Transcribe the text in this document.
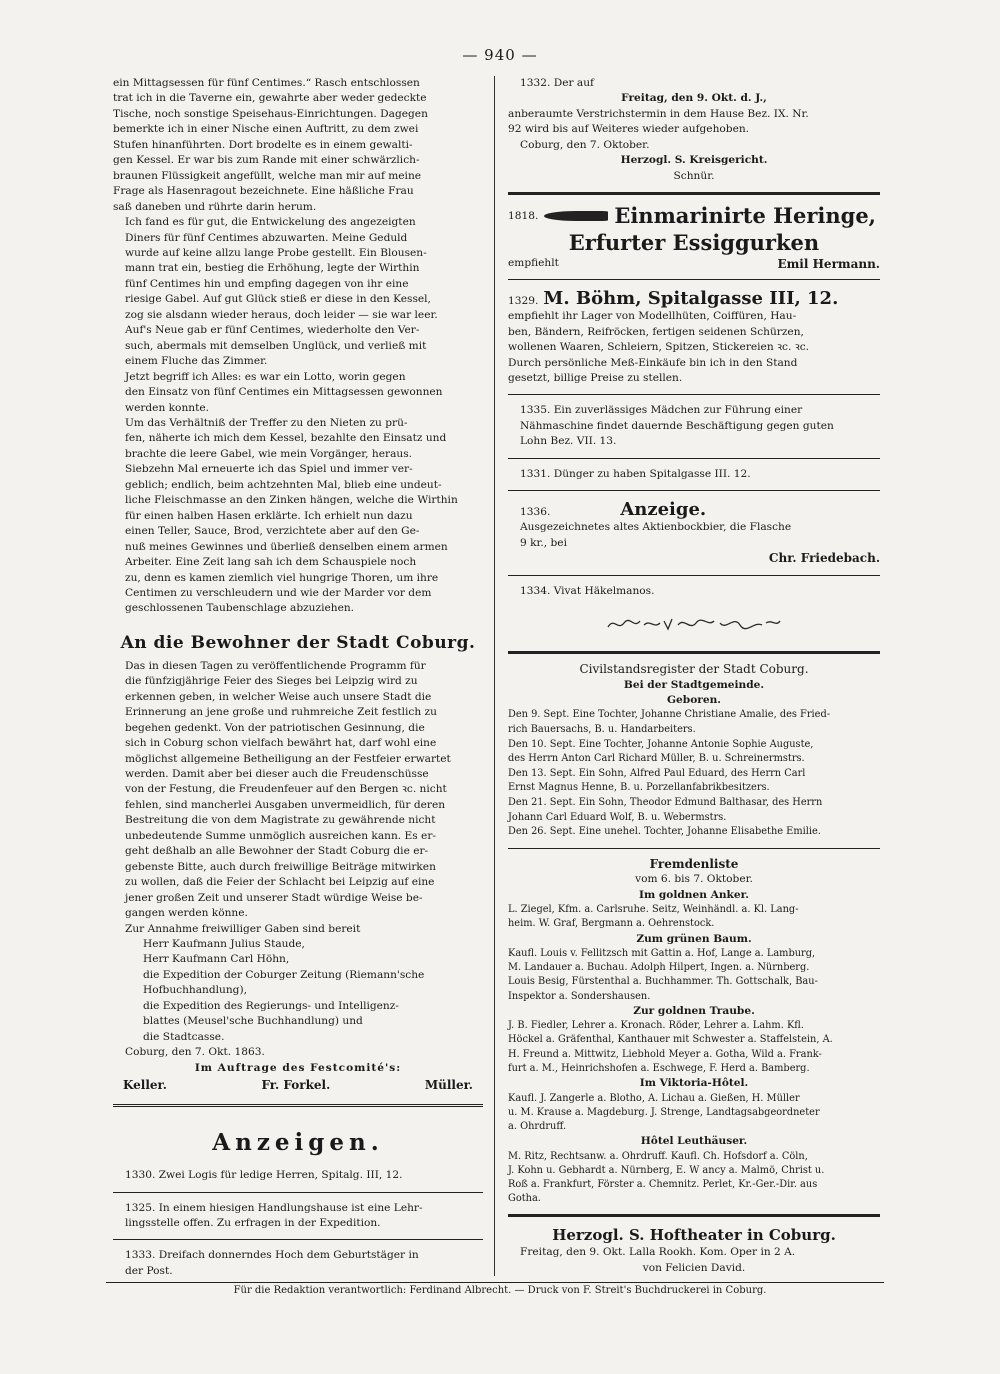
— 940 —

ein Mittagsessen für fünf Centimes.“ Rasch entschlossen
trat ich in die Taverne ein, gewahrte aber weder gedeckte
Tische, noch sonstige Speisehaus-Einrichtungen. Dagegen
bemerkte ich in einer Nische einen Auftritt, zu dem zwei
Stufen hinanführten. Dort brodelte es in einem gewalti-
gen Kessel. Er war bis zum Rande mit einer schwärzlich-
braunen Flüssigkeit angefüllt, welche man mir auf meine
Frage als Hasenragout bezeichnete. Eine häßliche Frau
saß daneben und rührte darin herum.

Ich fand es für gut, die Entwickelung des angezeigten
Diners für fünf Centimes abzuwarten. Meine Geduld
wurde auf keine allzu lange Probe gestellt. Ein Blousen-
mann trat ein, bestieg die Erhöhung, legte der Wirthin
fünf Centimes hin und empfing dagegen von ihr eine
riesige Gabel. Auf gut Glück stieß er diese in den Kessel,
zog sie alsdann wieder heraus, doch leider — sie war leer.
Auf's Neue gab er fünf Centimes, wiederholte den Ver-
such, abermals mit demselben Unglück, und verließ mit
einem Fluche das Zimmer.

Jetzt begriff ich Alles: es war ein Lotto, worin gegen
den Einsatz von fünf Centimes ein Mittagsessen gewonnen
werden konnte.

Um das Verhältniß der Treffer zu den Nieten zu prü-
fen, näherte ich mich dem Kessel, bezahlte den Einsatz und
brachte die leere Gabel, wie mein Vorgänger, heraus.
Siebzehn Mal erneuerte ich das Spiel und immer ver-
geblich; endlich, beim achtzehnten Mal, blieb eine undeut-
liche Fleischmasse an den Zinken hängen, welche die Wirthin
für einen halben Hasen erklärte. Ich erhielt nun dazu
einen Teller, Sauce, Brod, verzichtete aber auf den Ge-
nuß meines Gewinnes und überließ denselben einem armen
Arbeiter. Eine Zeit lang sah ich dem Schauspiele noch
zu, denn es kamen ziemlich viel hungrige Thoren, um ihre
Centimen zu verschleudern und wie der Marder vor dem
geschlossenen Taubenschlage abzuziehen.

An die Bewohner der Stadt Coburg.

Das in diesen Tagen zu veröffentlichende Programm für
die fünfzigjährige Feier des Sieges bei Leipzig wird zu
erkennen geben, in welcher Weise auch unsere Stadt die
Erinnerung an jene große und ruhmreiche Zeit festlich zu
begehen gedenkt. Von der patriotischen Gesinnung, die
sich in Coburg schon vielfach bewährt hat, darf wohl eine
möglichst allgemeine Betheiligung an der Festfeier erwartet
werden. Damit aber bei dieser auch die Freudenschüsse
von der Festung, die Freudenfeuer auf den Bergen ꝛc. nicht
fehlen, sind mancherlei Ausgaben unvermeidlich, für deren
Bestreitung die von dem Magistrate zu gewährende nicht
unbedeutende Summe unmöglich ausreichen kann. Es er-
geht deßhalb an alle Bewohner der Stadt Coburg die er-
gebenste Bitte, auch durch freiwillige Beiträge mitwirken
zu wollen, daß die Feier der Schlacht bei Leipzig auf eine
jener großen Zeit und unserer Stadt würdige Weise be-
gangen werden könne.

Zur Annahme freiwilliger Gaben sind bereit

Herr Kaufmann Julius Staude,
Herr Kaufmann Carl Höhn,

die Expedition der Coburger Zeitung (Riemann'sche
Hofbuchhandlung),
die Expedition des Regierungs- und Intelligenz-
blattes (Meusel'sche Buchhandlung) und
die Stadtcasse.

Coburg, den 7. Okt. 1863.

Im Auftrage des Festcomité's:

Keller.	Fr. Forkel.	Müller.
Anzeigen.

1330. Zwei Logis für ledige Herren, Spitalg. III, 12.

1325. In einem hiesigen Handlungshause ist eine Lehr-
lingsstelle offen. Zu erfragen in der Expedition.

1333. Dreifach donnerndes Hoch dem Geburtstäger in
der Post.

1332. Der auf

Freitag, den 9. Okt. d. J.,

anberaumte Verstrichstermin in dem Hause Bez. IX. Nr.
92 wird bis auf Weiteres wieder aufgehoben.

Coburg, den 7. Oktober.

Herzogl. S. Kreisgericht.

Schnür.

1818.	Einmarinirte Heringe,
Erfurter Essiggurken
empfiehlt	Emil Hermann.
1329. M. Böhm, Spitalgasse III, 12.

empfiehlt ihr Lager von Modellhüten, Coiffüren, Hau-
ben, Bändern, Reifröcken, fertigen seidenen Schürzen,
wollenen Waaren, Schleiern, Spitzen, Stickereien ꝛc. ꝛc.
Durch persönliche Meß-Einkäufe bin ich in den Stand
gesetzt, billige Preise zu stellen.

1335. Ein zuverlässiges Mädchen zur Führung einer
Nähmaschine findet dauernde Beschäftigung gegen guten
Lohn Bez. VII. 13.

1331. Dünger zu haben Spitalgasse III. 12.

1336.	Anzeige.

Ausgezeichnetes altes Aktienbockbier, die Flasche
9 kr., bei

Chr. Friedebach.

1334. Vivat Häkelmanos.

Civilstandsregister der Stadt Coburg.

Bei der Stadtgemeinde.

Geboren.

Den 9. Sept. Eine Tochter, Johanne Christiane Amalie, des Fried-
rich Bauersachs, B. u. Handarbeiters.
Den 10. Sept. Eine Tochter, Johanne Antonie Sophie Auguste,
des Herrn Anton Carl Richard Müller, B. u. Schreinermstrs.
Den 13. Sept. Ein Sohn, Alfred Paul Eduard, des Herrn Carl
Ernst Magnus Henne, B. u. Porzellanfabrikbesitzers.
Den 21. Sept. Ein Sohn, Theodor Edmund Balthasar, des Herrn
Johann Carl Eduard Wolf, B. u. Webermstrs.
Den 26. Sept. Eine unehel. Tochter, Johanne Elisabethe Emilie.

Fremdenliste

vom 6. bis 7. Oktober.

Im goldnen Anker.

L. Ziegel, Kfm. a. Carlsruhe. Seitz, Weinhändl. a. Kl. Lang-
heim. W. Graf, Bergmann a. Oehrenstock.

Zum grünen Baum.

Kaufl. Louis v. Fellitzsch mit Gattin a. Hof, Lange a. Lamburg,
M. Landauer a. Buchau. Adolph Hilpert, Ingen. a. Nürnberg.
Louis Besig, Fürstenthal a. Buchhammer. Th. Gottschalk, Bau-
Inspektor a. Sondershausen.

Zur goldnen Traube.

J. B. Fiedler, Lehrer a. Kronach. Röder, Lehrer a. Lahm. Kfl.
Höckel a. Gräfenthal, Kanthauer mit Schwester a. Staffelstein, A.
H. Freund a. Mittwitz, Liebhold Meyer a. Gotha, Wild a. Frank-
furt a. M., Heinrichshofen a. Eschwege, F. Herd a. Bamberg.

Im Viktoria-Hôtel.

Kaufl. J. Zangerle a. Blotho, A. Lichau a. Gießen, H. Müller
u. M. Krause a. Magdeburg. J. Strenge, Landtagsabgeordneter
a. Ohrdruff.

Hôtel Leuthäuser.

M. Ritz, Rechtsanw. a. Ohrdruff. Kaufl. Ch. Hofsdorf a. Cöln,
J. Kohn u. Gebhardt a. Nürnberg, E. W ancy a. Malmö, Christ u.
Roß a. Frankfurt, Förster a. Chemnitz. Perlet, Kr.-Ger.-Dir. aus
Gotha.

Herzogl. S. Hoftheater in Coburg.

Freitag, den 9. Okt. Lalla Rookh. Kom. Oper in 2 A.

von Felicien David.

Für die Redaktion verantwortlich: Ferdinand Albrecht. — Druck von F. Streit's Buchdruckerei in Coburg.
